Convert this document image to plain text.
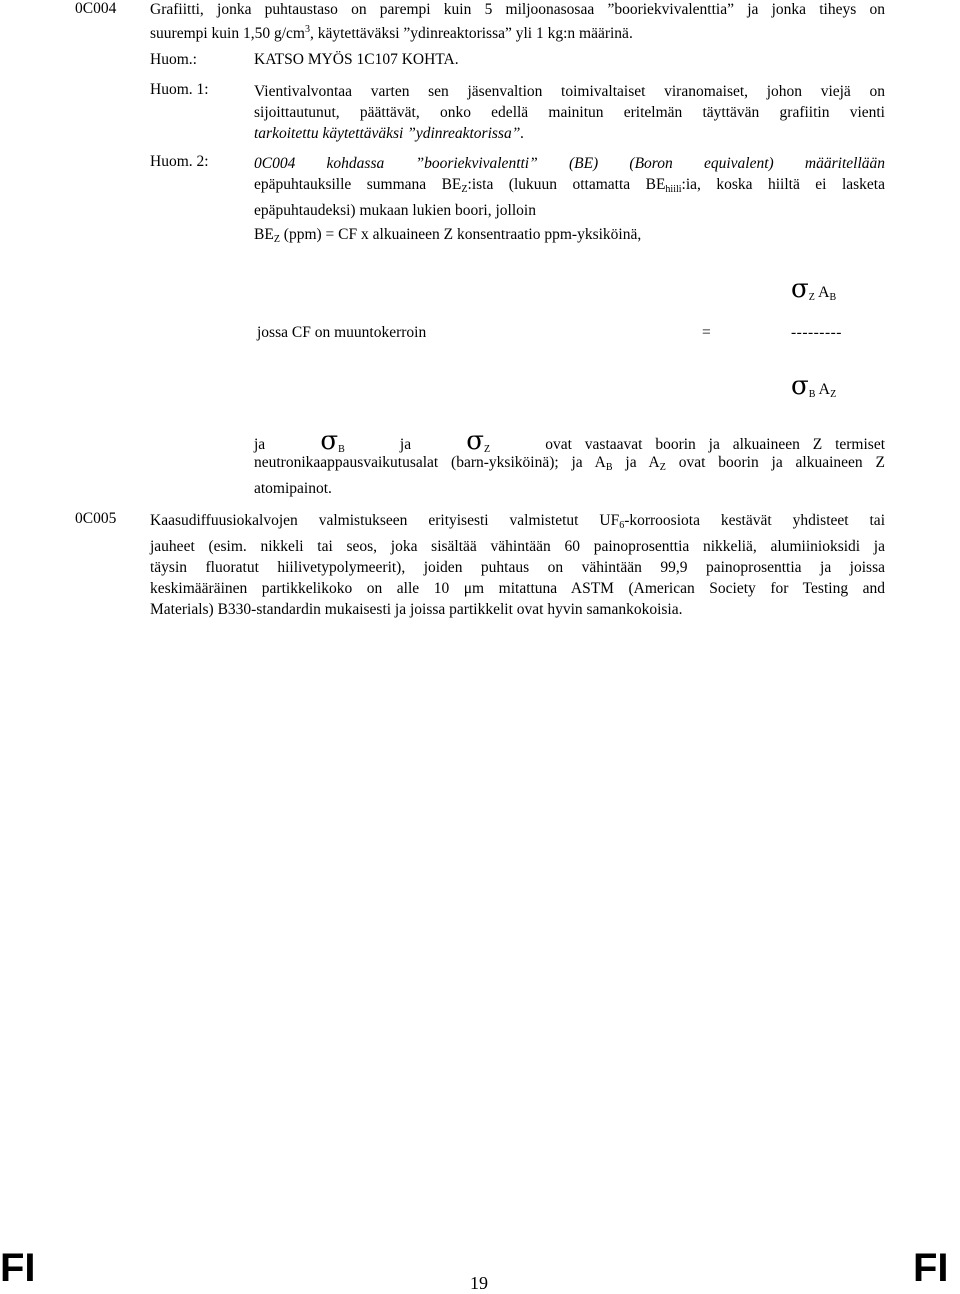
0C004 Grafiitti, jonka puhtaustaso on parempi kuin 5 miljoonasosaa ”booriekvivalenttia” ja jonka tiheys on
suurempi kuin 1,50 $g/cm^3$, käytettäväksi ”ydinreaktorissa” yli 1 kg:n määrinä.
Huom.:	KATSO MYÖS 1C107 KOHTA.
Huom. 1:	Vientivalvontaa varten sen jäsenvaltion toimivaltaiset viranomaiset, johon viejä on
sijoittautunut, päättävät, onko edellä mainitun eritelmän täyttävän grafiitin vienti
tarkoitettu käytettäväksi ”ydinreaktorissa”.
Huom. 2:	0C004 kohdassa ”booriekvivalentti” (BE) (Boron equivalent) määritellään
epäpuhtauksille summana $BE_Z:ista$ (lukuun ottamatta $BE_{hiili}:ia$, koska hiiltä ei lasketa
epäpuhtaudeksi) mukaan lukien boori, jolloin
$BE_Z$ (ppm) = CF x alkuaineen Z konsentraatio ppm-yksiköinä,
$\sigma_Z$ $A_B$
jossa CF on muuntokerroin	=	---------
$\sigma_B$ $A_Z$
ja $\sigma_B$	ja $\sigma_Z$	ovat vastaavat boorin ja alkuaineen Z termiset
neutronikaappausvaikutusalat (barn-yksiköinä); ja $A_B$ ja $A_Z$ ovat boorin ja alkuaineen Z
atomipainot.
0C005 Kaasudiffuusiokalvojen valmistukseen erityisesti valmistetut $UF_6$-korroosiota kestävät yhdisteet tai
jauheet (esim. nikkeli tai seos, joka sisältää vähintään 60 painoprosenttia nikkeliä, alumiinioksidi ja
täysin fluoratut hiilivetypolymeerit), joiden puhtaus on vähintään 99,9 painoprosenttia ja joissa
keskimääräinen partikkelikoko on alle 10 μm mitattuna ASTM (American Society for Testing and
Materials) B330-standardin mukaisesti ja joissa partikkelit ovat hyvin samankokoisia.
FI	19	FI
